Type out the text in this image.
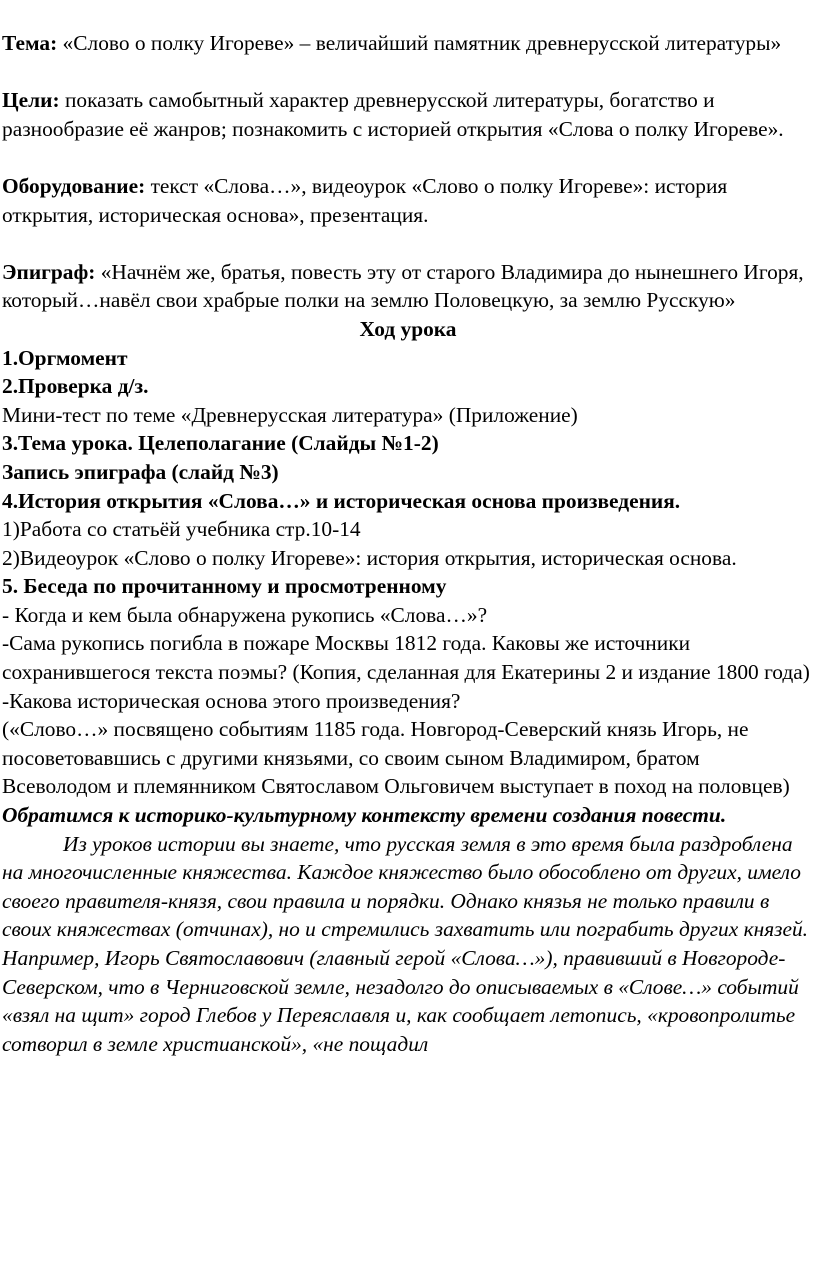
Тема: «Слово о полку Игореве» – величайший памятник древнерусской литературы»

Цели: показать самобытный характер древнерусской литературы, богатство и разнообразие её жанров; познакомить с историей открытия «Слова о полку Игореве».

Оборудование: текст «Слова…», видеоурок «Слово о полку Игореве»: история открытия, историческая основа», презентация.

Эпиграф: «Начнём же, братья, повесть эту от старого Владимира до нынешнего Игоря, который…навёл свои храбрые полки на землю Половецкую, за землю Русскую»

Ход урока

1.Оргмомент

2.Проверка д/з.

Мини-тест по теме «Древнерусская литература» (Приложение)

3.Тема урока. Целеполагание (Слайды №1-2)

Запись эпиграфа (слайд №3)

4.История открытия «Слова…» и историческая основа произведения.

1)Работа со статьёй учебника стр.10-14

2)Видеоурок «Слово о полку Игореве»: история открытия, историческая основа.

5. Беседа по прочитанному и просмотренному

- Когда и кем была обнаружена рукопись «Слова…»?

-Сама рукопись погибла в пожаре Москвы 1812 года. Каковы же источники сохранившегося текста поэмы? (Копия, сделанная для Екатерины 2 и издание 1800 года)

-Какова историческая основа этого произведения?

(«Слово…» посвящено событиям 1185 года. Новгород-Северский князь Игорь, не посоветовавшись с другими князьями, со своим сыном Владимиром, братом Всеволодом и племянником Святославом Ольговичем выступает в поход на половцев)

Обратимся к историко-культурному контексту времени создания повести.

Из уроков истории вы знаете, что русская земля в это время была раздроблена на многочисленные княжества. Каждое княжество было обособлено от других, имело своего правителя-князя, свои правила и порядки. Однако князья не только правили в своих княжествах (отчинах), но и стремились захватить или пограбить других князей. Например, Игорь Святославович (главный герой «Слова…»), правивший в Новгороде-Северском, что в Черниговской земле, незадолго до описываемых в «Слове…» событий «взял на щит» город Глебов у Переяславля и, как сообщает летопись, «кровопролитье сотворил в земле христианской», «не пощадил
